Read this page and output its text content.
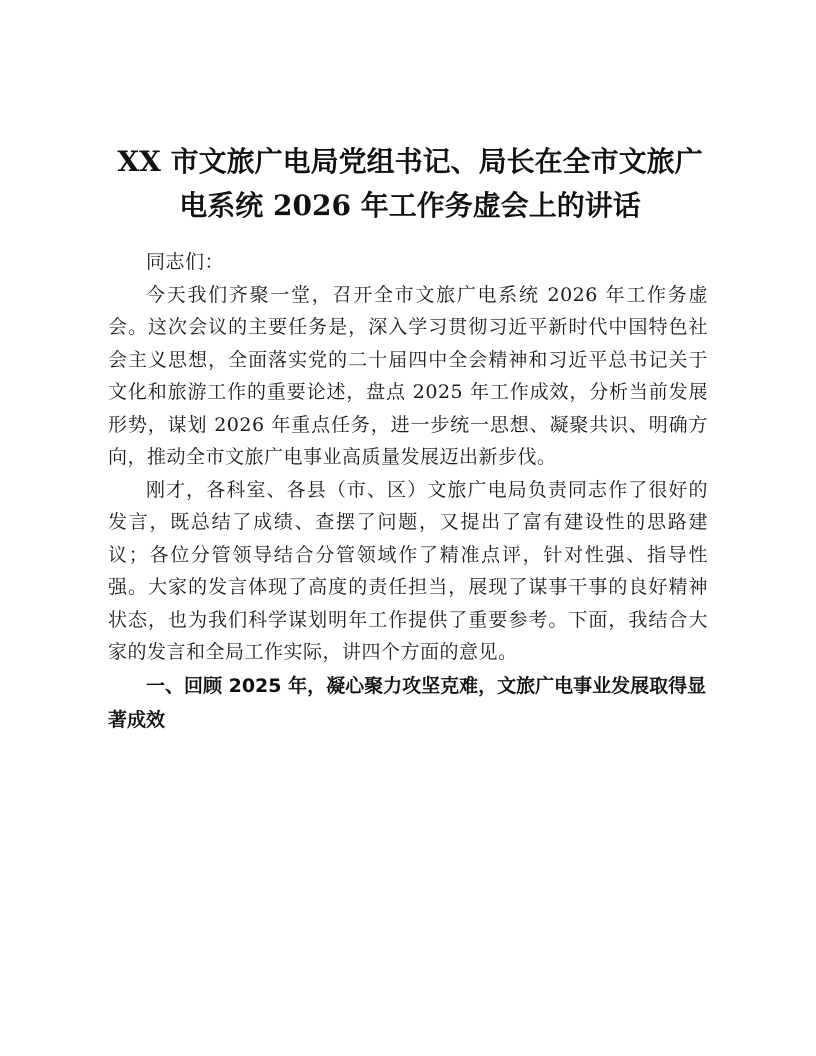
XX 市文旅广电局党组书记、局长在全市文旅广
电系统 2026 年工作务虚会上的讲话

同志们：

今天我们齐聚一堂，召开全市文旅广电系统 2026 年工作务虚会。这次会议的主要任务是，深入学习贯彻习近平新时代中国特色社会主义思想，全面落实党的二十届四中全会精神和习近平总书记关于文化和旅游工作的重要论述，盘点 2025 年工作成效，分析当前发展形势，谋划 2026 年重点任务，进一步统一思想、凝聚共识、明确方向，推动全市文旅广电事业高质量发展迈出新步伐。

刚才，各科室、各县（市、区）文旅广电局负责同志作了很好的发言，既总结了成绩、查摆了问题，又提出了富有建设性的思路建议；各位分管领导结合分管领域作了精准点评，针对性强、指导性强。大家的发言体现了高度的责任担当，展现了谋事干事的良好精神状态，也为我们科学谋划明年工作提供了重要参考。下面，我结合大家的发言和全局工作实际，讲四个方面的意见。

一、回顾 2025 年，凝心聚力攻坚克难，文旅广电事业发展取得显著成效
